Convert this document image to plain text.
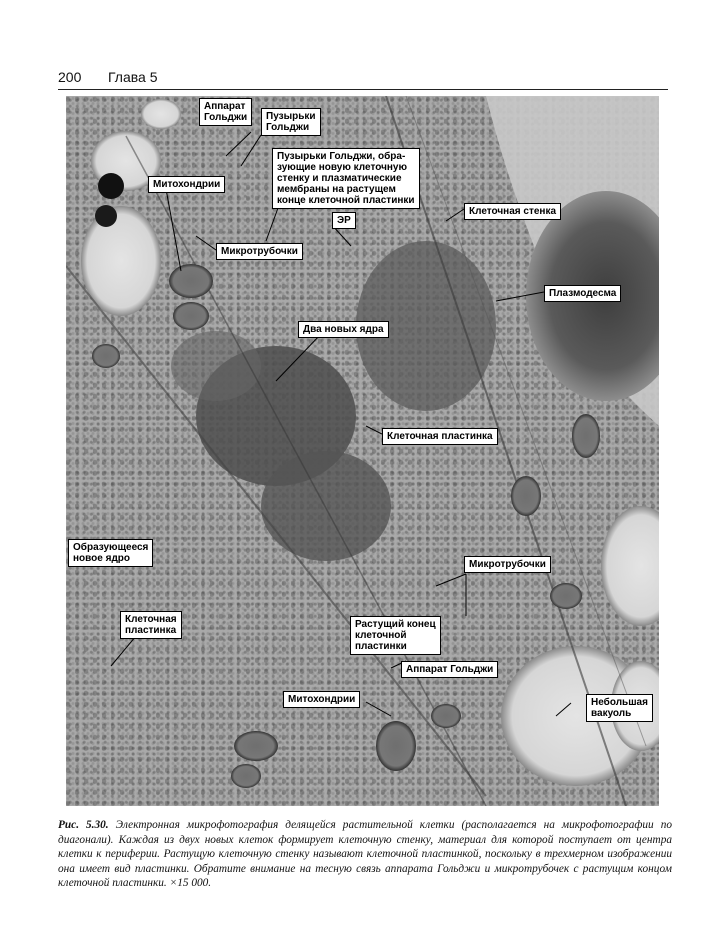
200 Глава 5
Аппарат
Гольджи	Пузырьки
Гольджи
Пузырьки Гольджи, обра-
зующие новую клеточную
стенку и плазматические
мембраны на растущем
конце клеточной пластинки
Митохондрии
ЭР
Клеточная стенка
Микротрубочки
Плазмодесма
Два новых ядра
Клеточная пластинка
Образующееся
новое ядро
Микротрубочки
Клеточная
пластинка
Растущий конец
клеточной
пластинки
Аппарат Гольджи
Митохондрии	Небольшая
вакуоль
Рис. 5.30. Электронная микрофотография делящейся растительной клетки (располагается на микрофотографии по диагонали). Каждая из двух новых клеток формирует клеточную стенку, материал для которой поступает от центра клетки к периферии. Растущую клеточную стенку называют клеточной пластинкой, поскольку в трехмерном изображении она имеет вид пластинки. Обратите внимание на тесную связь аппарата Гольджи и микротрубочек с растущим концом клеточной пластинки. ×15 000.
